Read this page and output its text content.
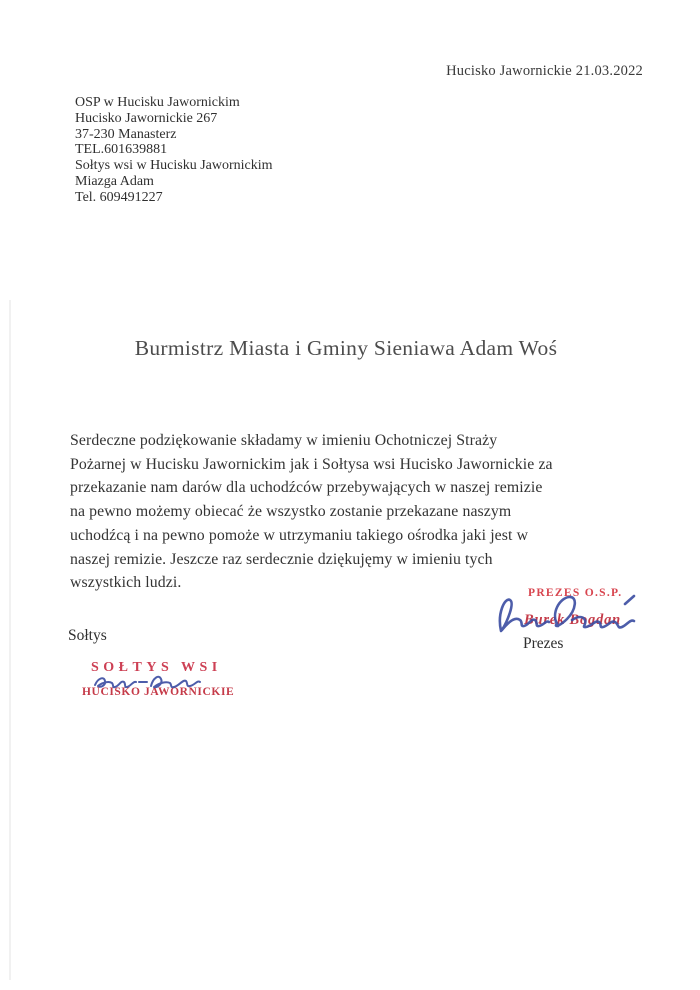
Hucisko Jawornickie 21.03.2022
OSP w Hucisku Jawornickim
Hucisko Jawornickie 267
37-230 Manasterz
TEL.601639881
Sołtys wsi w Hucisku Jawornickim
Miazga Adam
Tel. 609491227
Burmistrz Miasta i Gminy Sieniawa Adam Woś
Serdeczne podziękowanie składamy w imieniu Ochotniczej Straży
Pożarnej w Hucisku Jawornickim jak i Sołtysa wsi Hucisko Jawornickie za
przekazanie nam darów dla uchodźców przebywających w naszej remizie
na pewno możemy obiecać że wszystko zostanie przekazane naszym
uchodźcą i na pewno pomoże w utrzymaniu takiego ośrodka jaki jest w
naszej remizie. Jeszcze raz serdecznie dziękujęmy w imieniu tych
wszystkich ludzi.
PREZES O.S.P.
Burek Bogdan
Prezes
Sołtys
SOŁTYS WSI
HUCISKO JAWORNICKIE
